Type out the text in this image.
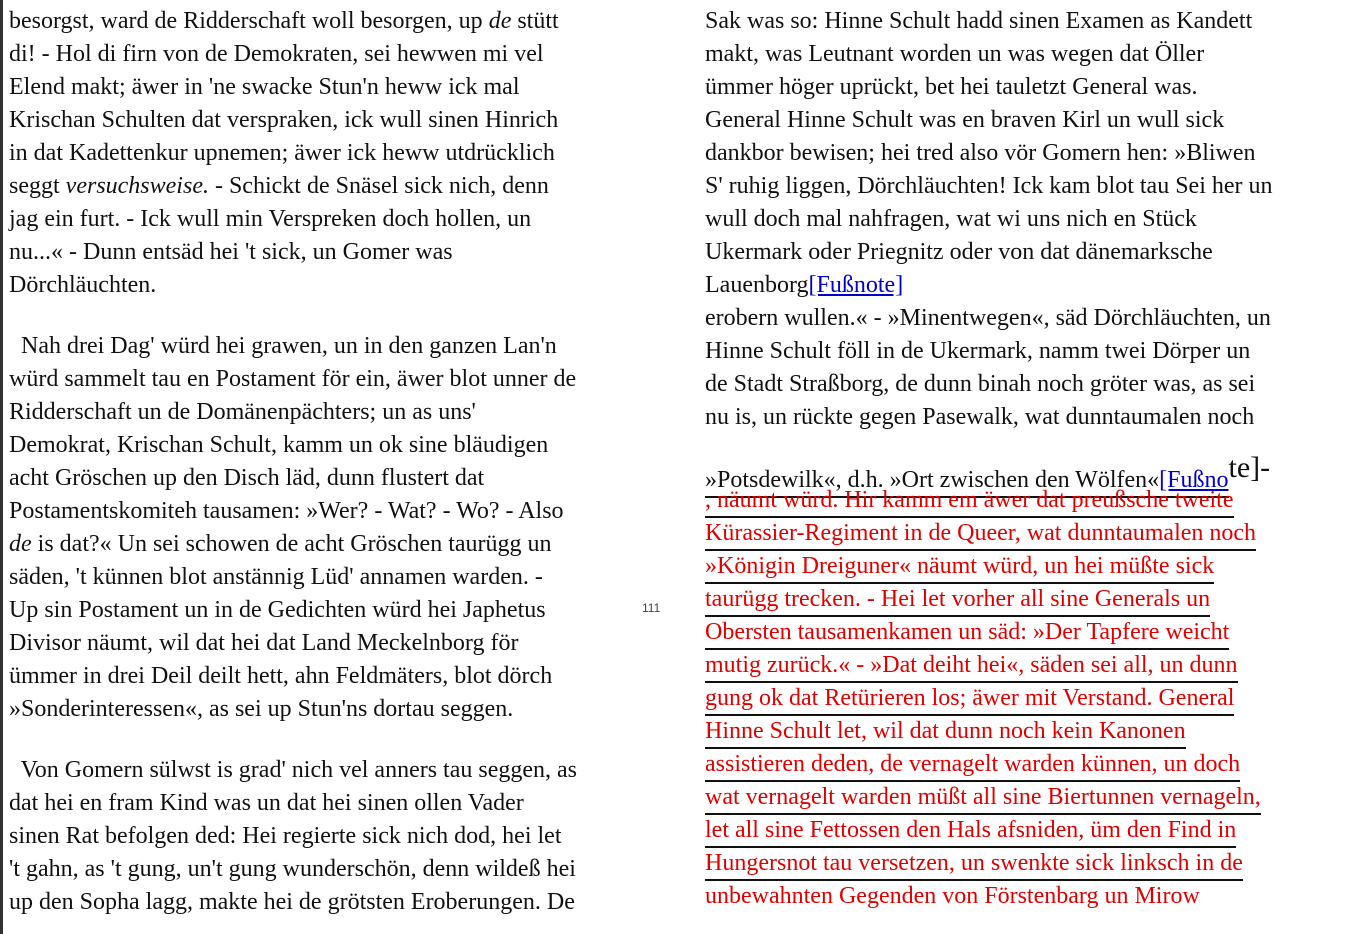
besorgst, ward de Ridderschaft woll besorgen, up de stütt
di! - Hol di firn von de Demokraten, sei hewwen mi vel
Elend makt; äwer in 'ne swacke Stun'n heww ick mal
Krischan Schulten dat verspraken, ick wull sinen Hinrich
in dat Kadettenkur upnemen; äwer ick heww utdrücklich
seggt versuchsweise. - Schickt de Snäsel sick nich, denn
jag ein furt. - Ick wull min Verspreken doch hollen, un
nu...« - Dunn entsäd hei 't sick, un Gomer was
Dörchläuchten.
Nah drei Dag' würd hei grawen, un in den ganzen Lan'n
würd sammelt tau en Postament för ein, äwer blot unner de
Ridderschaft un de Domänenpächters; un as uns'
Demokrat, Krischan Schult, kamm un ok sine bläudigen
acht Gröschen up den Disch läd, dunn flustert dat
Postamentskomiteh tausamen: »Wer? - Wat? - Wo? - Also
de is dat?« Un sei schowen de acht Gröschen taurügg un
säden, 't künnen blot anstännig Lüd' annamen warden. -
Up sin Postament un in de Gedichten würd hei Japhetus
Divisor näumt, wil dat hei dat Land Meckelnborg för
ümmer in drei Deil deilt hett, ahn Feldmäters, blot dörch
»Sonderinteressen«, as sei up Stun'ns dortau seggen.
Von Gomern sülwst is grad' nich vel anners tau seggen, as
dat hei en fram Kind was un dat hei sinen ollen Vader
sinen Rat befolgen ded: Hei regierte sick nich dod, hei let
't gahn, as 't gung, un't gung wunderschön, denn wildeß hei
up den Sopha lagg, makte hei de grötsten Eroberungen. De
111
Sak was so: Hinne Schult hadd sinen Examen as Kandett
makt, was Leutnant worden un was wegen dat Öller
ümmer höger uprückt, bet hei tauletzt General was.
General Hinne Schult was en braven Kirl un wull sick
dankbor bewisen; hei tred also vör Gomern hen: »Bliwen
S' ruhig liggen, Dörchläuchten! Ick kam blot tau Sei her un
wull doch mal nahfragen, wat wi uns nich en Stück
Ukermark oder Priegnitz oder von dat dänemarksche
Lauenborg[Fußnote]
erobern wullen.« - »Minentwegen«, säd Dörchläuchten, un
Hinne Schult föll in de Ukermark, namm twei Dörper un
de Stadt Straßborg, de dunn binah noch gröter was, as sei
nu is, un rückte gegen Pasewalk, wat dunntaumalen noch
»Potsdewilk«, d.h. »Ort zwischen den Wölfen«[Fußnote]-
, näumt würd. Hir kamm em äwer dat preußsche tweite
Kürassier-Regiment in de Queer, wat dunntaumalen noch
»Königin Dreiguner« näumt würd, un hei müßte sick
taurügg trecken. - Hei let vorher all sine Generals un
Obersten tausamenkamen un säd: »Der Tapfere weicht
mutig zurück.« - »Dat deiht hei«, säden sei all, un dunn
gung ok dat Retürieren los; äwer mit Verstand. General
Hinne Schult let, wil dat dunn noch kein Kanonen
assistieren deden, de vernagelt warden künnen, un doch
wat vernagelt warden müßt all sine Biertunnen vernageln,
let all sine Fettossen den Hals afsniden, üm den Find in
Hungersnot tau versetzen, un swenkte sick linksch in de
unbewahnten Gegenden von Förstenbarg un Mirow
